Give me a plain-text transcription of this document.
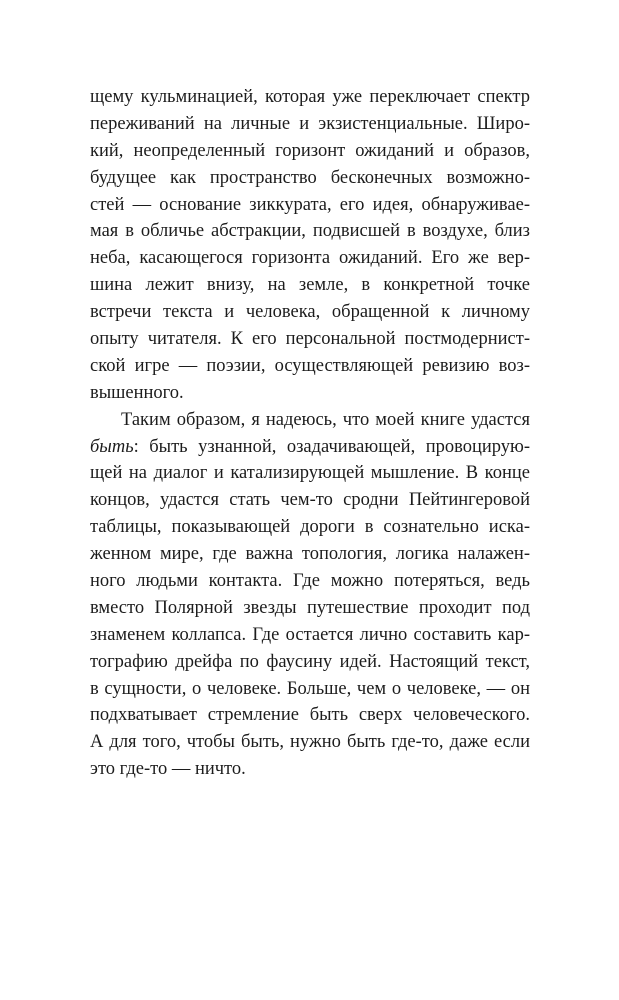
щему кульминацией, которая уже переключает спектр
переживаний на личные и экзистенциальные. Широ-
кий, неопределенный горизонт ожиданий и образов,
будущее как пространство бесконечных возможно-
стей — основание зиккурата, его идея, обнаруживае-
мая в обличье абстракции, подвисшей в воздухе, близ
неба, касающегося горизонта ожиданий. Его же вер-
шина лежит внизу, на земле, в конкретной точке
встречи текста и человека, обращенной к личному
опыту читателя. К его персональной постмодернист-
ской игре — поэзии, осуществляющей ревизию воз-
вышенного.
Таким образом, я надеюсь, что моей книге удастся
быть: быть узнанной, озадачивающей, провоцирую-
щей на диалог и катализирующей мышление. В конце
концов, удастся стать чем-то сродни Пейтингеровой
таблицы, показывающей дороги в сознательно иска-
женном мире, где важна топология, логика налажен-
ного людьми контакта. Где можно потеряться, ведь
вместо Полярной звезды путешествие проходит под
знаменем коллапса. Где остается лично составить кар-
тографию дрейфа по фаусину идей. Настоящий текст,
в сущности, о человеке. Больше, чем о человеке, — он
подхватывает стремление быть сверх человеческого.
А для того, чтобы быть, нужно быть где-то, даже если
это где-то — ничто.
